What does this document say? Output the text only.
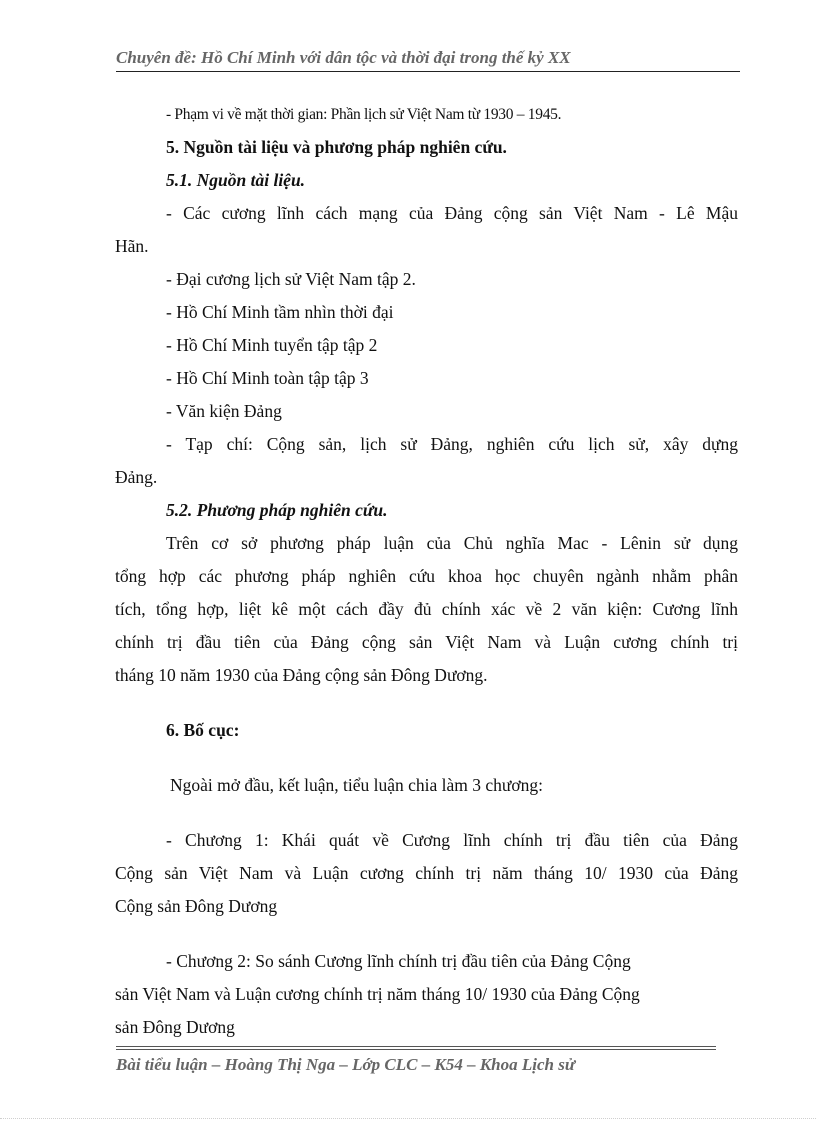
Chuyên đề: Hồ Chí Minh với dân tộc và thời đại trong thế kỷ XX
- Phạm vi về mặt thời gian: Phần lịch sử Việt Nam từ 1930 – 1945.
5. Nguồn tài liệu và phương pháp nghiên cứu.
5.1. Nguồn tài liệu.
- Các cương lĩnh cách mạng của Đảng cộng sản Việt Nam - Lê Mậu
Hãn.
- Đại cương lịch sử Việt Nam tập 2.
- Hồ Chí Minh tầm nhìn thời đại
- Hồ Chí Minh tuyển tập tập 2
- Hồ Chí Minh toàn tập tập 3
- Văn kiện Đảng
- Tạp chí: Cộng sản, lịch sử Đảng, nghiên cứu lịch sử, xây dựng
Đảng.
5.2. Phương pháp nghiên cứu.
Trên cơ sở phương pháp luận của Chủ nghĩa Mac - Lênin sử dụng
tổng hợp các phương pháp nghiên cứu khoa học chuyên ngành nhằm phân
tích, tổng hợp, liệt kê một cách đầy đủ chính xác về 2 văn kiện: Cương lĩnh
chính trị đầu tiên của Đảng cộng sản Việt Nam và Luận cương chính trị
tháng 10 năm 1930 của Đảng cộng sản Đông Dương.
6. Bố cục:
Ngoài mở đầu, kết luận, tiểu luận chia làm 3 chương:
- Chương 1: Khái quát về Cương lĩnh chính trị đầu tiên của Đảng
Cộng sản Việt Nam và Luận cương chính trị năm tháng 10/ 1930 của Đảng
Cộng sản Đông Dương
- Chương 2: So sánh Cương lĩnh chính trị đầu tiên của Đảng Cộng
sản Việt Nam và Luận cương chính trị năm tháng 10/ 1930 của Đảng Cộng
sản Đông Dương
Bài tiểu luận – Hoàng Thị Nga – Lớp CLC – K54 – Khoa Lịch sử
